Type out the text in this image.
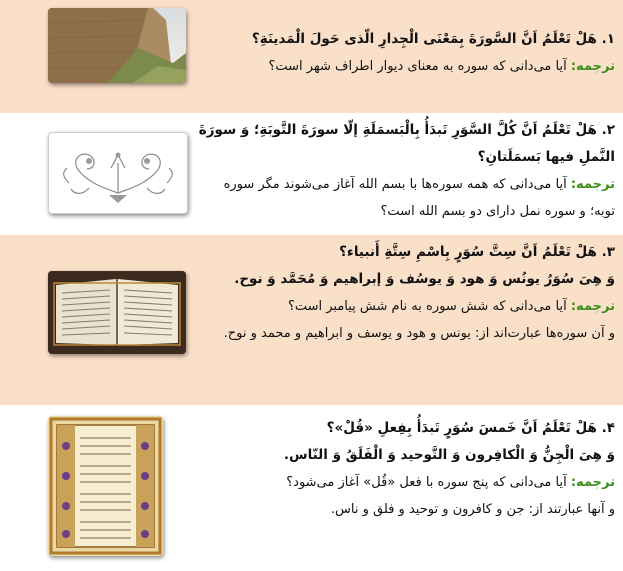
۱. هَلْ تَعْلَمُ اَنَّ السَّورَةَ بِمَعْنَی الْجِدارِ الّذی حَولَ الْمَدینَةِ؟

ترجمه: آیا می‌دانی که سوره به معنای دیوار اطراف شهر است؟

۲. هَلْ تَعْلَمُ اَنَّ کُلَّ السَّوَرِ تَبدَأُ بِالْبَسمَلَةِ إلّا سورَةَ التَّوبَةِ؛ وَ سورَةَ النَّملِ فیها بَسمَلَتانِ؟

ترجمه: آیا می‌دانی که همه سوره‌ها با بسم الله آغاز می‌شوند مگر سوره توبه؛ و سوره نمل دارای دو بسم الله است؟

۳. هَلْ تَعْلَمُ اَنَّ سِتَّ سُوَرٍ بِاسْمِ سِتَّةِ أَنبیاء؟

وَ هِیَ سُوَرُ یونُس وَ هود وَ یوسُف وَ إبراهیم وَ مُحَمَّد وَ نوح.

ترجمه: آیا می‌دانی که شش سوره به نام شش پیامبر است؟

و آن سوره‌ها عبارت‌اند از: یونس و هود و یوسف و ابراهیم و محمد و نوح.

۴. هَلْ تَعْلَمُ اَنَّ خَمسَ سُوَرٍ تَبدَأُ بِفِعلِ «قُلْ»؟

وَ هِیَ الْجِنُّ وَ الْکافِرون وَ التَّوحید وَ الْفَلَقُ وَ النّاس.

ترجمه: آیا می‌دانی که پنج سوره با فعل «قُل» آغاز می‌شود؟

و آنها عبارتند از: جن و کافرون و توحید و فلق و ناس.
